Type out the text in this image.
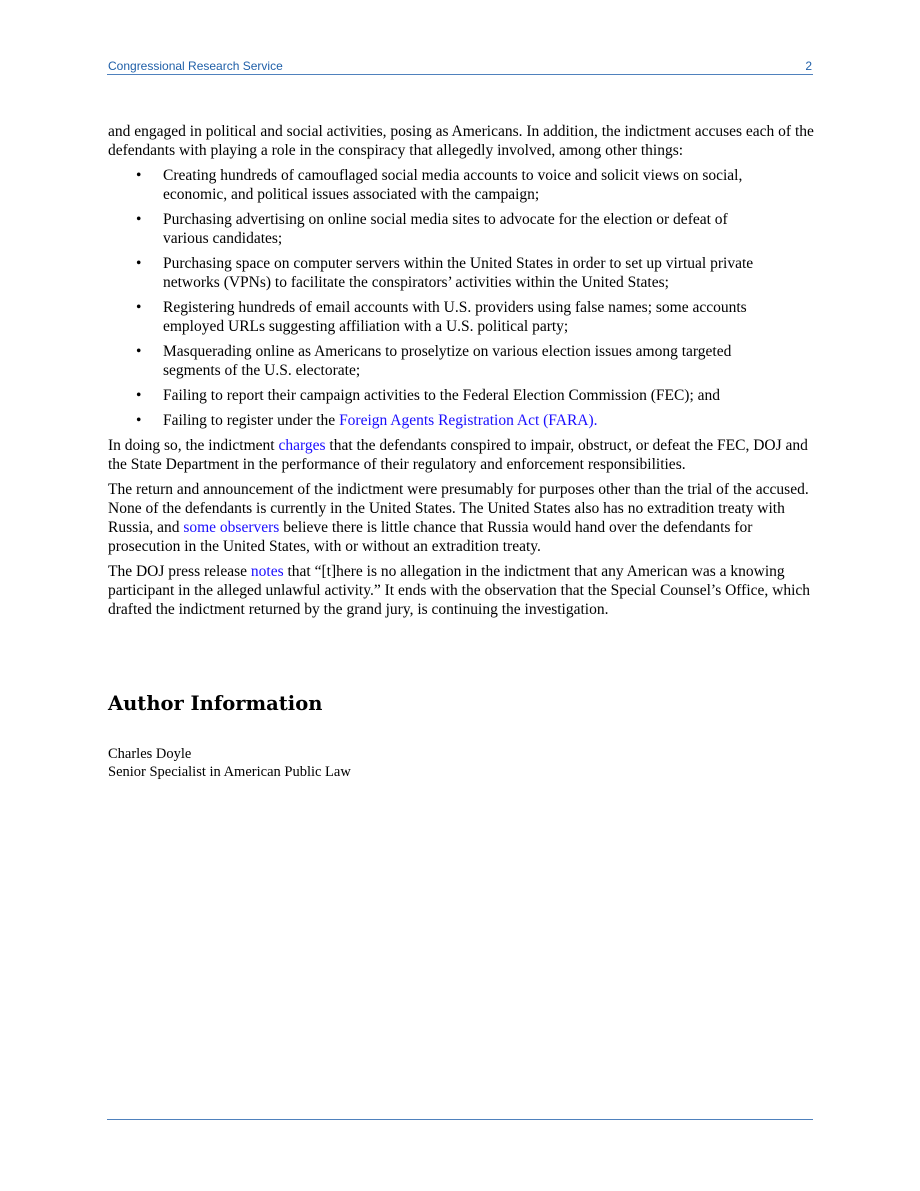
Congressional Research Service	2

and engaged in political and social activities, posing as Americans. In addition, the indictment accuses each of the defendants with playing a role in the conspiracy that allegedly involved, among other things:

• Creating hundreds of camouflaged social media accounts to voice and solicit views on social, economic, and political issues associated with the campaign;
• Purchasing advertising on online social media sites to advocate for the election or defeat of various candidates;
• Purchasing space on computer servers within the United States in order to set up virtual private networks (VPNs) to facilitate the conspirators’ activities within the United States;
• Registering hundreds of email accounts with U.S. providers using false names; some accounts employed URLs suggesting affiliation with a U.S. political party;
• Masquerading online as Americans to proselytize on various election issues among targeted segments of the U.S. electorate;
• Failing to report their campaign activities to the Federal Election Commission (FEC); and
• Failing to register under the Foreign Agents Registration Act (FARA).

In doing so, the indictment charges that the defendants conspired to impair, obstruct, or defeat the FEC, DOJ and the State Department in the performance of their regulatory and enforcement responsibilities.

The return and announcement of the indictment were presumably for purposes other than the trial of the accused. None of the defendants is currently in the United States. The United States also has no extradition treaty with Russia, and some observers believe there is little chance that Russia would hand over the defendants for prosecution in the United States, with or without an extradition treaty.

The DOJ press release notes that “[t]here is no allegation in the indictment that any American was a knowing participant in the alleged unlawful activity.” It ends with the observation that the Special Counsel’s Office, which drafted the indictment returned by the grand jury, is continuing the investigation.

Author Information
Charles Doyle
Senior Specialist in American Public Law
